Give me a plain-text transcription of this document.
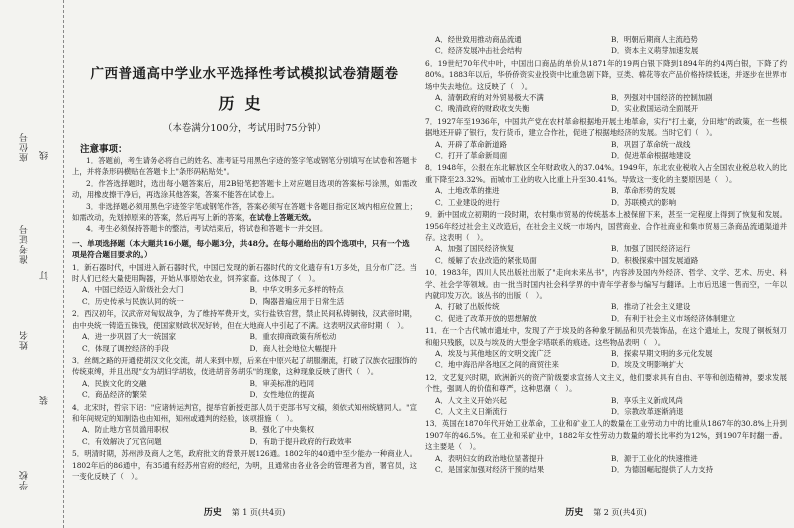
座位号
准考证号
姓名
学校
线
订
装
广西普通高中学业水平选择性考试模拟试卷猜题卷
历史
（本卷满分100分，考试用时75分钟）
注意事项：
1．答题前，考生请务必将自己的姓名、准考证号用黑色字迹的签字笔或钢笔分别填写在试卷和答题卡上，并将条形码横贴在答题卡上"条形码粘贴处"。
2．作答选择题时，选出每小题答案后，用2B铅笔把答题卡上对应题目选项的答案标号涂黑，如需改动，用橡皮擦干净后，再选涂其他答案，答案不能答在试卷上。
3．非选择题必须用黑色字迹签字笔或钢笔作答，答案必须写在答题卡各题目指定区域内相应位置上；如需改动，先划掉原来的答案，然后再写上新的答案，在试卷上答题无效。
4．考生必须保持答题卡的整洁，考试结束后，将试卷和答题卡一并交回。
一、单项选择题（本大题共16小题，每小题3分，共48分。在每小题给出的四个选项中，只有一个选项是符合题目要求的。）
1．新石器时代，中国进入新石器时代，中国已发现的新石器时代的文化遗存有1万多处，且分布广泛。当时人们已经大量使用陶器，开始从事原始农业，饲养家畜。这体现了（　）。
A．中国已经迈入阶级社会大门	B．中华文明多元多样的特点
C．历史传承与民族认同的统一	D．陶器普遍应用于日常生活
2．西汉初年，汉武帝对匈奴战争，为了维持军费开支，实行盐铁官营，禁止民间私铸铜钱，汉武帝时期，由中央统一铸造五铢钱，使国家财政状况好转，但在大地商人中引起了不满。这表明汉武帝时期（　）。
A．进一步巩固了大一统国家	B．重农抑商政策有所松动
C．体现了调控经济的手段	D．商人社会地位大幅提升
3．丝绸之路的开通使胡汉文化交流，胡人来到中原，后来在中原兴起了胡服潮流，打破了汉族衣冠服饰的传统束缚，并且出现"女为胡妇学胡妆，伎进胡音务胡乐"的现象，这种现象反映了唐代（　）。
A．民族文化的交融	B．审美标准的趋同
C．商品经济的繁荣	D．女性地位的提高
4．北宋时，哲宗下诏："应诸转运判官，提举官新授吏部人员于吏部书写文稿，须依式知州统辖同人。"宣和年间规定的知制诰也由知州，知州或通判的经验，该项措施（　）。
A．防止地方官员滥用职权	B．强化了中央集权
C．有效解决了冗官问题	D．有助于提升政府的行政效率
5．明清时期，苏州涉及商人之笔，政府批文的背景开展126通。1802年的40通中至少能办一种商业人。1802年后的86通中，有35通有经苏州官府的经纪，为明，且通常由各业各会的管理者为首，署官员，这一变化反映了（　）。
历史 第 1 页(共4页)
A．经世致用推动商品流通	B．明朝后期商人主流趋势
C．经济发展冲击社会结构	D．资本主义萌芽加速发展
6．19世纪70年代中叶，中国出口商品的单价从1871年的19两白银下降到1894年的约4两白银，下降了约80%。1883年以后，华侨侨资实业投资中比重急剧下降，豆类、棉花等农产品价格持续低迷，并逐步在世界市场中失去地位。这反映了（　）。
A．清朝政府的对外贸易极大不满	B．列强对中国经济的控制加剧
C．晚清政府的财政收支失衡	D．实业救国运动全面展开
7．1927年至1936年，中国共产党在农村革命根据地开展土地革命，实行"打土豪，分田地"的政策，在一些根据地还开辟了银行，发行货币，建立合作社，促进了根据地经济的发展。当时它们（　）。
A．开辟了革命新道路	B．巩固了革命统一战线
C．打开了革命新局面	D．促进革命根据地建设
8．1948年，公报在东北解放区全年财政收入的37.04%。1949年，东北农业税收入占全国农业税总收入的比重下降至23.32%。而城市工业的收入比重上升至30.41%。导致这一变化的主要原因是（　）。
A．土地改革的推进	B．革命形势的发展
C．工业建设的进行	D．苏联模式的影响
9．新中国成立初期的一段时期，农村集市贸易的传统基本上被保留下来，甚至一定程度上得到了恢复和发展。1956年经过社会主义改造后，在社会主义统一市场内，国营商业、合作社商业和集市贸易三条商品流通渠道并存。这表明（　）。
A．加强了国民经济恢复	B．加强了国民经济运行
C．缓解了农业改造的紧张局面	D．积极探索中国发展道路
10．1983年，四川人民出版社出版了"走向未来丛书"，内容涉及国内外经济、哲学、文学、艺术、历史、科学、社会学等领域。由一批当时国内社会科学界的中青年学者参与编写与翻译。上市后迅速一售而空，一年以内就印发万次。该丛书的出版（　）。
A．打破了出版传统	B．推动了社会主义建设
C．促进了改革开放的思想解放	D．有利于社会主义市场经济体制建立
11．在一个古代城市遗址中，发现了产于埃及的各种象牙制品和贝壳装饰品，在这个遗址上，发现了铜板刻刀和船只残骸，以及与埃及的大型金字塔联系的痕迹。这些物品表明（　）。
A．埃及与其他地区的文明交流广泛	B．探索早期文明的多元化发展
C．地中海沿岸各地区之间的商贸往来	D．埃及文明影响扩大
12．文艺复兴时期，欧洲新兴的资产阶级要求宣扬人文主义，他们要求具有自由、平等和创造精神，要求发展个性，强调人的价值和尊严，这种思潮（　）。
A．人文主义开始兴起	B．享乐主义新成风尚
C．人文主义日渐流行	D．宗教改革逐渐消退
13．英国在1870年代开始工业革命，工业和矿业工人的数量在工业劳动力中的比重从1867年的30.8%上升到1907年的46.5%。在工业和采矿业中，1882年女性劳动力数量的增长比率约为12%，到1907年时翻一番。这主要是（　）。
A．表明妇女的政治地位显著提升	B．源于工业化的快速推进
C．是国家加强对经济干预的结果	D．为德国崛起提供了人力支持
历史 第 2 页(共4页)
